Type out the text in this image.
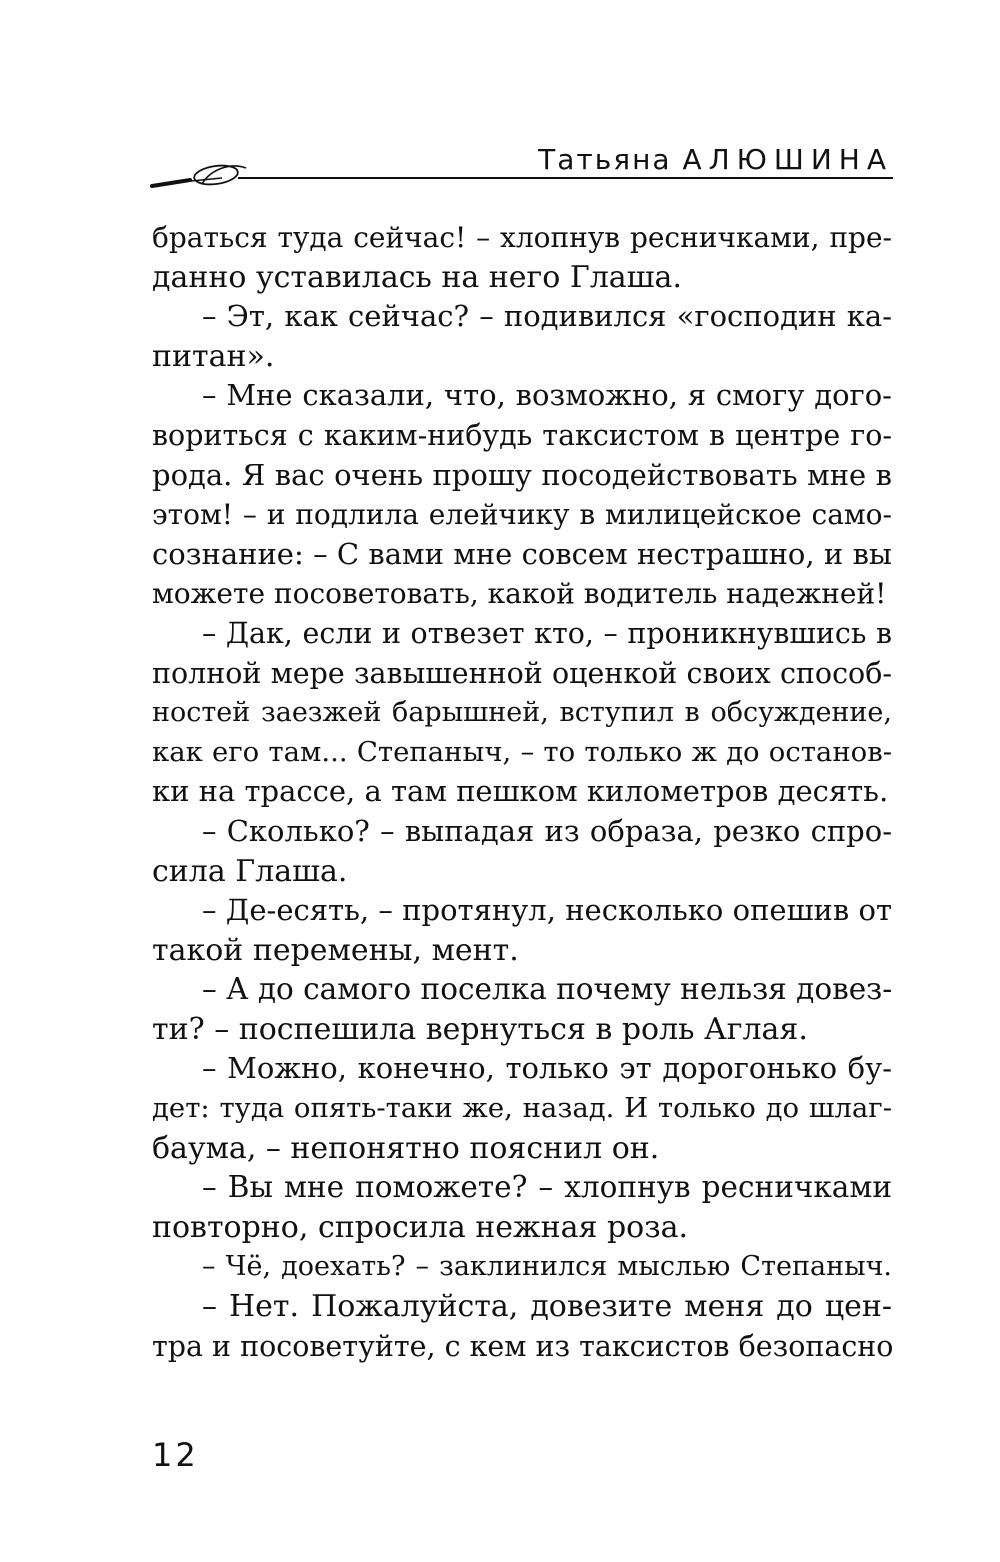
Татьяна АЛЮШИНА
браться туда сейчас! – хлопнув ресничками, пре-
данно уставилась на него Глаша.
– Эт, как сейчас? – подивился «господин ка-
питан».
– Мне сказали, что, возможно, я смогу дого-
вориться с каким-нибудь таксистом в центре го-
рода. Я вас очень прошу посодействовать мне в
этом! – и подлила елейчику в милицейское само-
сознание: – С вами мне совсем нестрашно, и вы
можете посоветовать, какой водитель надежней!
– Дак, если и отвезет кто, – проникнувшись в
полной мере завышенной оценкой своих способ-
ностей заезжей барышней, вступил в обсуждение,
как его там... Степаныч, – то только ж до останов-
ки на трассе, а там пешком километров десять.
– Сколько? – выпадая из образа, резко спро-
сила Глаша.
– Де-есять, – протянул, несколько опешив от
такой перемены, мент.
– А до самого поселка почему нельзя довез-
ти? – поспешила вернуться в роль Аглая.
– Можно, конечно, только эт дорогонько бу-
дет: туда опять-таки же, назад. И только до шлаг-
баума, – непонятно пояснил он.
– Вы мне поможете? – хлопнув ресничками
повторно, спросила нежная роза.
– Чё, доехать? – заклинился мыслью Степаныч.
– Нет. Пожалуйста, довезите меня до цен-
тра и посоветуйте, с кем из таксистов безопасно
12
